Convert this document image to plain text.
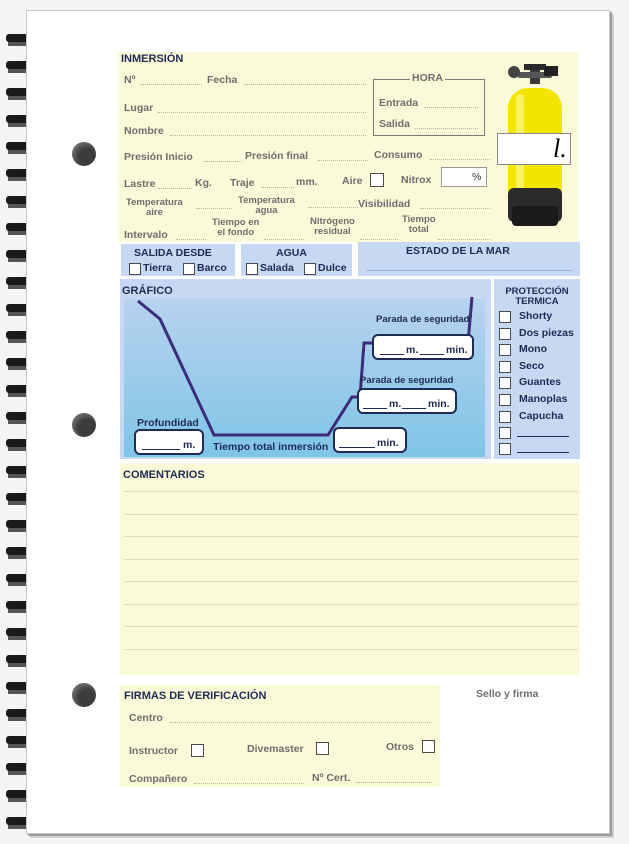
INMERSIÓN
Nº	Fecha
Lugar
Nombre
HORA
Entrada
Salida
l.
Presión Inicio	Presión final	Consumo
Lastre	Kg. Traje	mm. Aire	Nitrox	%
Temperatura
aire
Temperatura
agua
Visibilidad
Intervalo
Tiempo en
el fondo
Nitrógeno
residual
Tiempo
total
SALIDA DESDE
Tierra Barco
AGUA
Salada Dulce
ESTADO DE LA MAR
GRÁFICO
Parada de seguridad
m.	min.
Parada de seguridad
m.	min.
Profundidad
m. Tiempo total inmersión	min.
PROTECCIÓN
TERMICA
Shorty
Dos piezas
Mono
Seco
Guantes
Manoplas
Capucha
COMENTARIOS
FIRMAS DE VERIFICACIÓN
Centro
Instructor	Divemaster	Otros
Compañero	Nº Cert.
Sello y firma
